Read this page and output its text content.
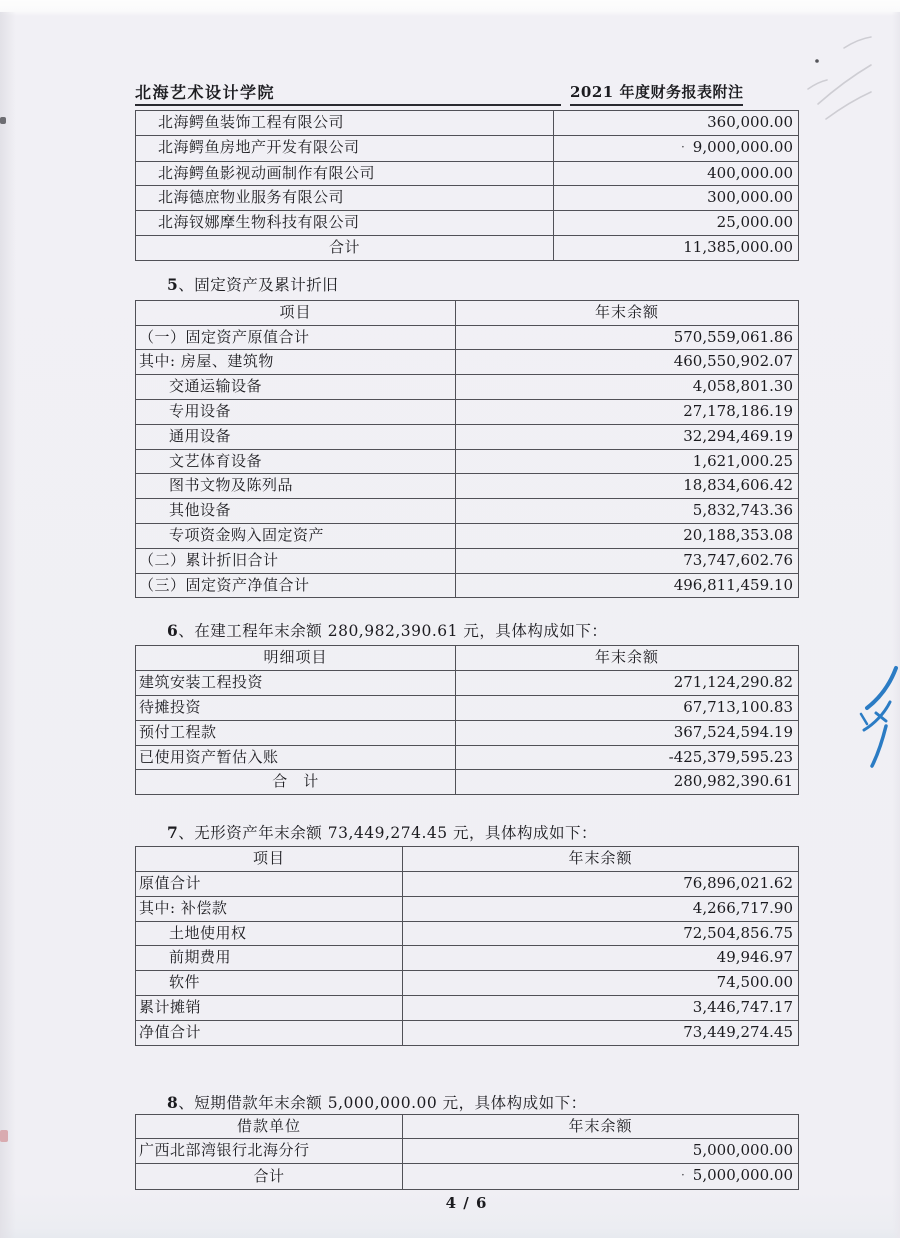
北海艺术设计学院	2021 年度财务报表附注
北海鳄鱼装饰工程有限公司	360,000.00
北海鳄鱼房地产开发有限公司	· 9,000,000.00
北海鳄鱼影视动画制作有限公司	400,000.00
北海德庶物业服务有限公司	300,000.00
北海钗娜摩生物科技有限公司	25,000.00
合计	11,385,000.00
5、固定资产及累计折旧
项目	年末余额
（一）固定资产原值合计	570,559,061.86
其中: 房屋、建筑物	460,550,902.07
交通运输设备	4,058,801.30
专用设备	27,178,186.19
通用设备	32,294,469.19
文艺体育设备	1,621,000.25
图书文物及陈列品	18,834,606.42
其他设备	5,832,743.36
专项资金购入固定资产	20,188,353.08
（二）累计折旧合计	73,747,602.76
（三）固定资产净值合计	496,811,459.10
6、在建工程年末余额 280,982,390.61 元，具体构成如下：
明细项目	年末余额
建筑安装工程投资	271,124,290.82
待摊投资	67,713,100.83
预付工程款	367,524,594.19
已使用资产暂估入账	-425,379,595.23
合　计	280,982,390.61
7、无形资产年末余额 73,449,274.45 元，具体构成如下：
项目	年末余额
原值合计	76,896,021.62
其中: 补偿款	4,266,717.90
土地使用权	72,504,856.75
前期费用	49,946.97
软件	74,500.00
累计摊销	3,446,747.17
净值合计	73,449,274.45
8、短期借款年末余额 5,000,000.00 元，具体构成如下：
借款单位	年末余额
广西北部湾银行北海分行	5,000,000.00
合计	· 5,000,000.00
4 / 6
